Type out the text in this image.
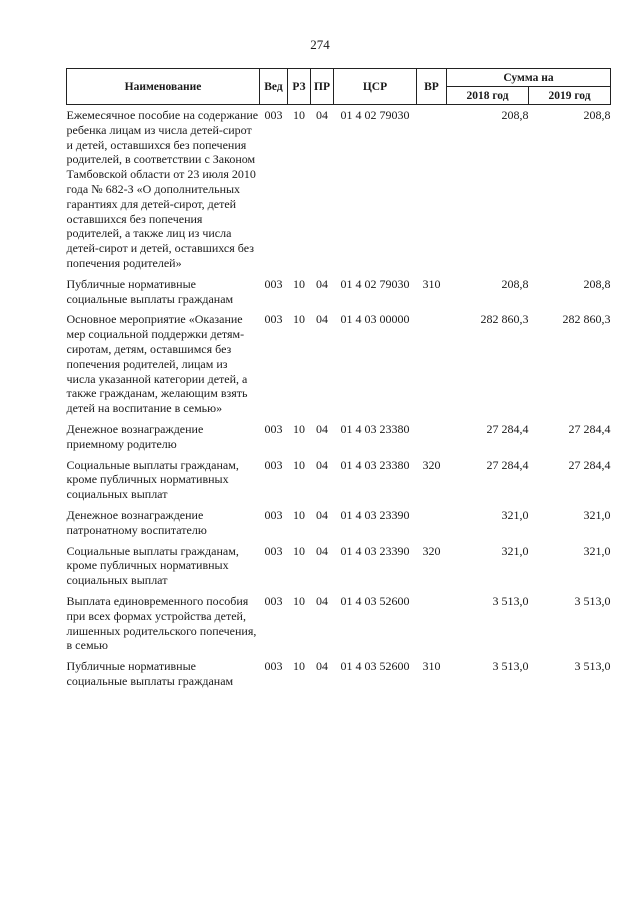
274
Наименование	Вед	РЗ	ПР	ЦСР	ВР	Сумма на	
						2018 год	2019 год

Ежемесячное пособие на содержание ребенка лицам из числа детей-сирот и детей, оставшихся без попечения родителей, в соответствии с Законом Тамбовской области от 23 июля 2010 года № 682-З «О дополнительных гарантиях для детей-сирот, детей оставшихся без попечения родителей, а также лиц из числа детей-сирот и детей, оставшихся без попечения родителей»	003	10	04	01 4 02 79030		208,8	208,8
Публичные нормативные социальные выплаты гражданам	003	10	04	01 4 02 79030	310	208,8	208,8
Основное мероприятие «Оказание мер социальной поддержки детям-сиротам, детям, оставшимся без попечения родителей, лицам из числа указанной категории детей, а также гражданам, желающим взять детей на воспитание в семью»	003	10	04	01 4 03 00000		282 860,3	282 860,3
Денежное вознаграждение приемному родителю	003	10	04	01 4 03 23380		27 284,4	27 284,4
Социальные выплаты гражданам, кроме публичных нормативных социальных выплат	003	10	04	01 4 03 23380	320	27 284,4	27 284,4
Денежное вознаграждение патронатному воспитателю	003	10	04	01 4 03 23390		321,0	321,0
Социальные выплаты гражданам, кроме публичных нормативных социальных выплат	003	10	04	01 4 03 23390	320	321,0	321,0
Выплата единовременного пособия при всех формах устройства детей, лишенных родительского попечения, в семью	003	10	04	01 4 03 52600		3 513,0	3 513,0
Публичные нормативные социальные выплаты гражданам	003	10	04	01 4 03 52600	310	3 513,0	3 513,0
